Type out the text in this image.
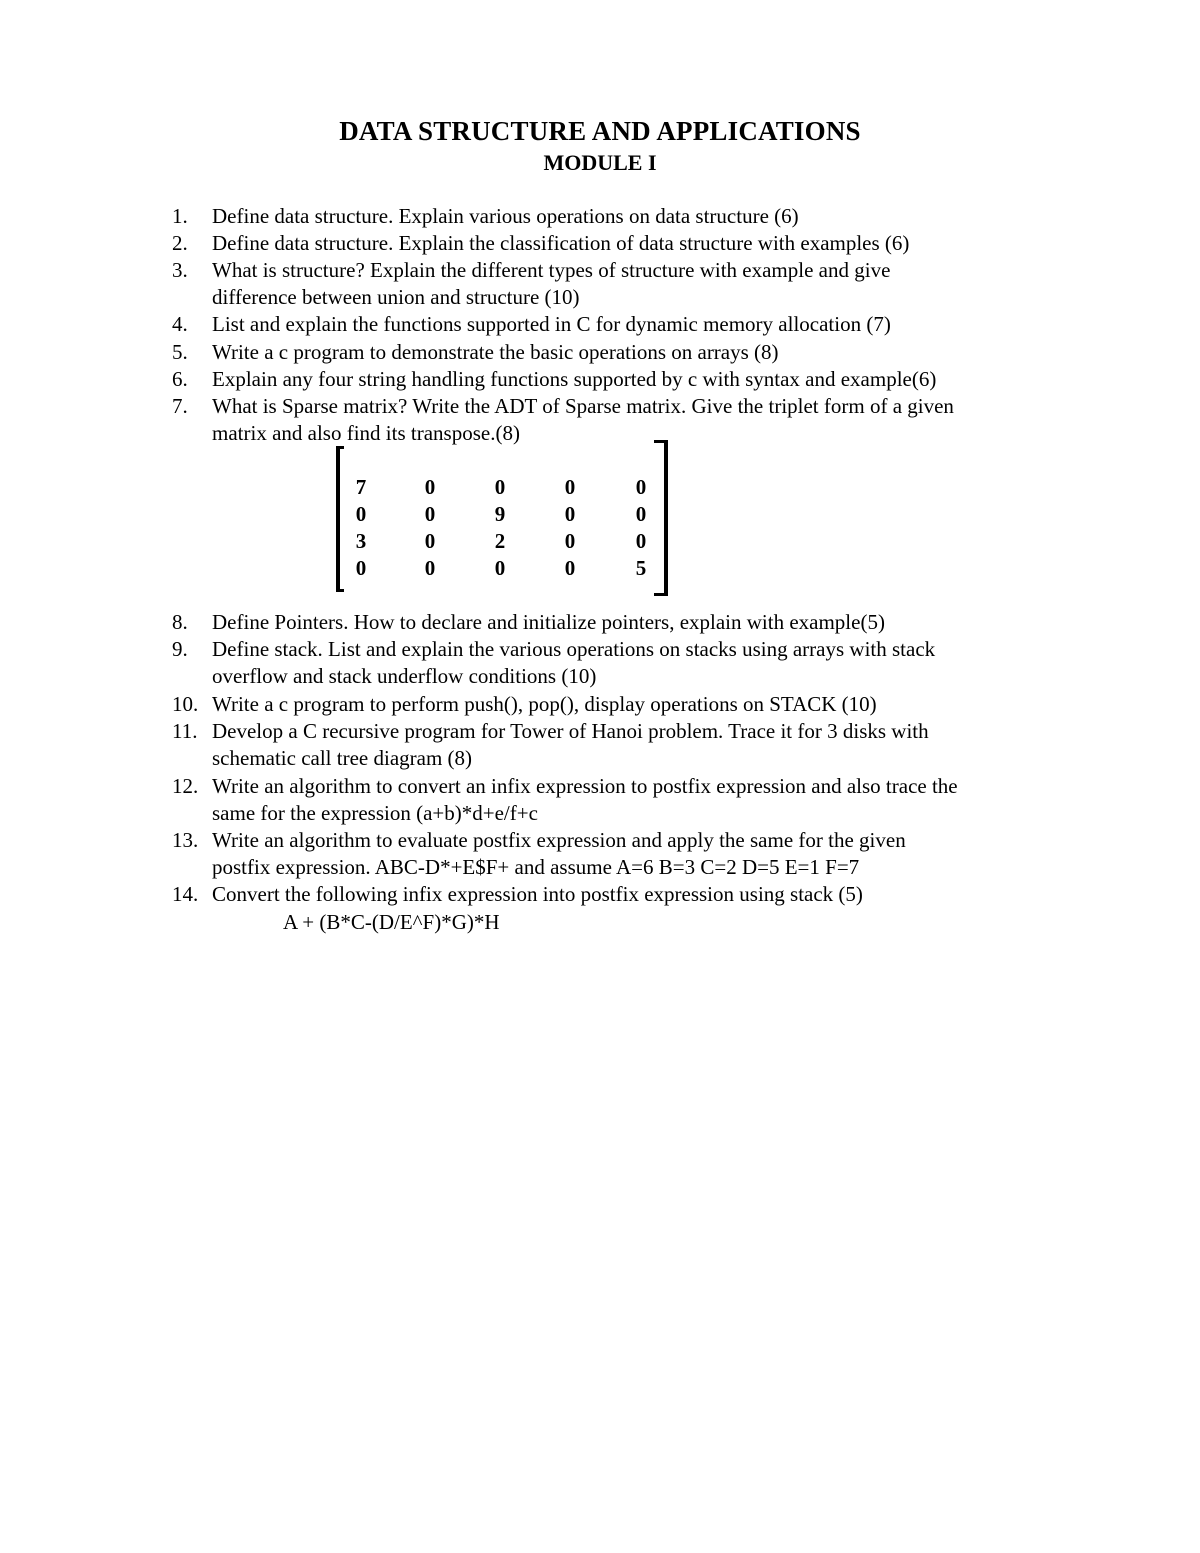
DATA STRUCTURE AND APPLICATIONS
MODULE I
1. Define data structure. Explain various operations on data structure (6)
2. Define data structure. Explain the classification of data structure with examples (6)
3. What is structure? Explain the different types of structure with example and give
difference between union and structure (10)
4. List and explain the functions supported in C for dynamic memory allocation (7)
5. Write a c program to demonstrate the basic operations on arrays (8)
6. Explain any four string handling functions supported by c with syntax and example(6)
7. What is Sparse matrix? Write the ADT of Sparse matrix. Give the triplet form of a given
matrix and also find its transpose.(8)
7	0	0	0	0
0	0	9	0	0
3	0	2	0	0
0	0	0	0	5
8. Define Pointers. How to declare and initialize pointers, explain with example(5)
9. Define stack. List and explain the various operations on stacks using arrays with stack
overflow and stack underflow conditions (10)
10. Write a c program to perform push(), pop(), display operations on STACK (10)
11. Develop a C recursive program for Tower of Hanoi problem. Trace it for 3 disks with
schematic call tree diagram (8)
12. Write an algorithm to convert an infix expression to postfix expression and also trace the
same for the expression (a+b)*d+e/f+c
13. Write an algorithm to evaluate postfix expression and apply the same for the given
postfix expression. ABC-D*+E$F+ and assume A=6 B=3 C=2 D=5 E=1 F=7
14. Convert the following infix expression into postfix expression using stack (5)
A + (B*C-(D/E^F)*G)*H
